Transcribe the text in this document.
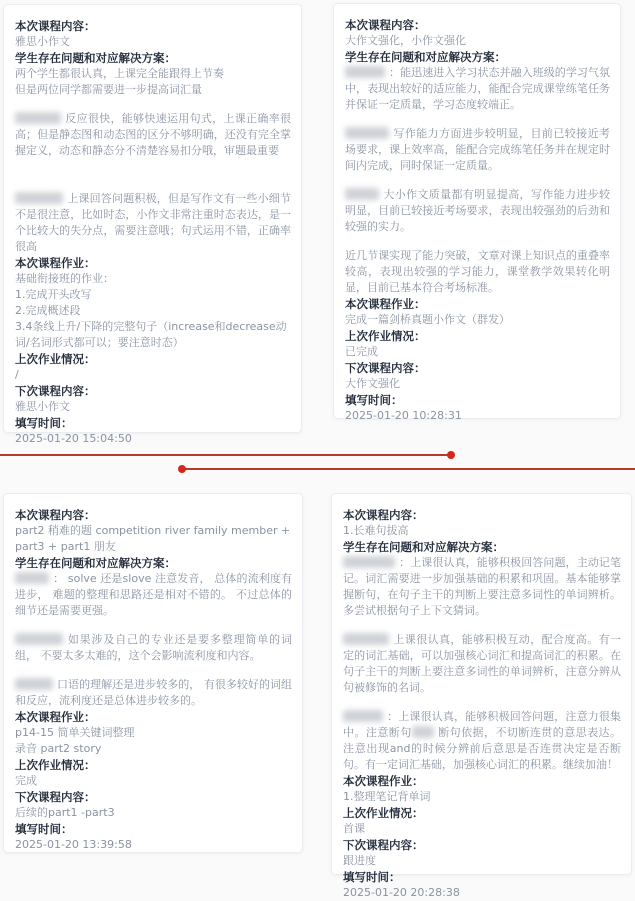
本次课程内容：
雅思小作文
学生存在问题和对应解决方案：
两个学生都很认真，上课完全能跟得上节奏
但是两位同学都需要进一步提高词汇量
反应很快，能够快速运用句式，上课正确率很高；但是静态图和动态图的区分不够明确，还没有完全掌握定义，动态和静态分不清楚容易扣分哦，审题最重要
上课回答问题积极，但是写作文有一些小细节不是很注意，比如时态，小作文非常注重时态表达，是一个比较大的失分点，需要注意哦；句式运用不错，正确率很高
本次课程作业：
基础衔接班的作业：
1.完成开头改写
2.完成概述段
3.4条线上升/下降的完整句子（increase和decrease动词/名词形式都可以；要注意时态）
上次作业情况：
/
下次课程内容：
雅思小作文
填写时间：
2025-01-20 15:04:50
本次课程内容：
大作文强化，小作文强化
学生存在问题和对应解决方案：
：能迅速进入学习状态并融入班级的学习气氛中，表现出较好的适应能力，能配合完成课堂练笔任务并保证一定质量，学习态度较端正。
写作能力方面进步较明显，目前已较接近考场要求，课上效率高，能配合完成练笔任务并在规定时间内完成，同时保证一定质量。
大小作文质量都有明显提高，写作能力进步较明显，目前已较接近考场要求，表现出较强劲的后劲和较强的实力。
近几节课实现了能力突破，文章对课上知识点的重叠率较高，表现出较强的学习能力，课堂教学效果转化明显，目前已基本符合考场标准。
本次课程作业：
完成一篇剑桥真题小作文（群发）
上次作业情况：
已完成
下次课程内容：
大作文强化
填写时间：
2025-01-20 10:28:31
本次课程内容：
part2 稍难的题 competition river family member + part3 + part1 朋友
学生存在问题和对应解决方案：
： solve 还是slove 注意发音， 总体的流利度有进步， 难题的整理和思路还是相对不错的。 不过总体的细节还是需要更强。
如果涉及自己的专业还是要多整理简单的词组， 不要太多太难的，这个会影响流利度和内容。
口语的理解还是进步较多的， 有很多较好的词组和反应，流利度还是总体进步较多的。
本次课程作业：
p14-15 简单关键词整理
录音 part2 story
上次作业情况：
完成
下次课程内容：
后续的part1 -part3
填写时间：
2025-01-20 13:39:58
本次课程内容：
1.长难句拔高
学生存在问题和对应解决方案：
：上课很认真，能够积极回答问题，主动记笔记。词汇需要进一步加强基础的积累和巩固。基本能够掌握断句，在句子主干的判断上要注意多词性的单词辨析。多尝试根据句子上下文猜词。
上课很认真，能够积极互动，配合度高。有一定的词汇基础，可以加强核心词汇和提高词汇的积累。在句子主干的判断上要注意多词性的单词辨析，注意分辨从句被修饰的名词。
：上课很认真，能够积极回答问题，注意力很集中。注意断句 断句依据，不切断连贯的意思表达。注意出现and的时候分辨前后意思是否连贯决定是否断句。有一定词汇基础，加强核心词汇的积累。继续加油！
本次课程作业：
1.整理笔记背单词
上次作业情况：
首课
下次课程内容：
跟进度
填写时间：
2025-01-20 20:28:38
